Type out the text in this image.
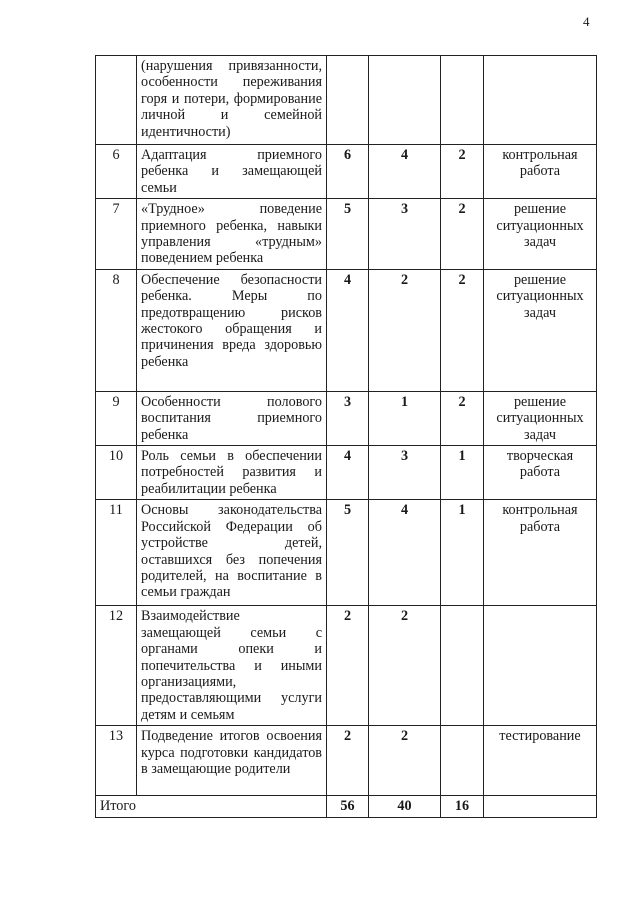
4
	(нарушения привязанности, особенности переживания горя и потери, формирование личной и семейной идентичности)				
6	Адаптация приемного ребенка и замещающей семьи	6	4	2	контрольная работа
7	«Трудное» поведение приемного ребенка, навыки управления «трудным» поведением ребенка	5	3	2	решение ситуационных задач
8	Обеспечение безопасности ребенка. Меры по предотвращению рисков жестокого обращения и причинения вреда здоровью ребенка	4	2	2	решение ситуационных задач
9	Особенности полового воспитания приемного ребенка	3	1	2	решение ситуационных задач
10	Роль семьи в обеспечении потребностей развития и реабилитации ребенка	4	3	1	творческая работа
11	Основы законодательства Российской Федерации об устройстве детей, оставшихся без попечения родителей, на воспитание в семьи граждан	5	4	1	контрольная работа
12	Взаимодействие замещающей семьи с органами опеки и попечительства и иными организациями, предоставляющими услуги детям и семьям	2	2		
13	Подведение итогов освоения курса подготовки кандидатов в замещающие родители	2	2		тестирование
Итого		56	40	16	
